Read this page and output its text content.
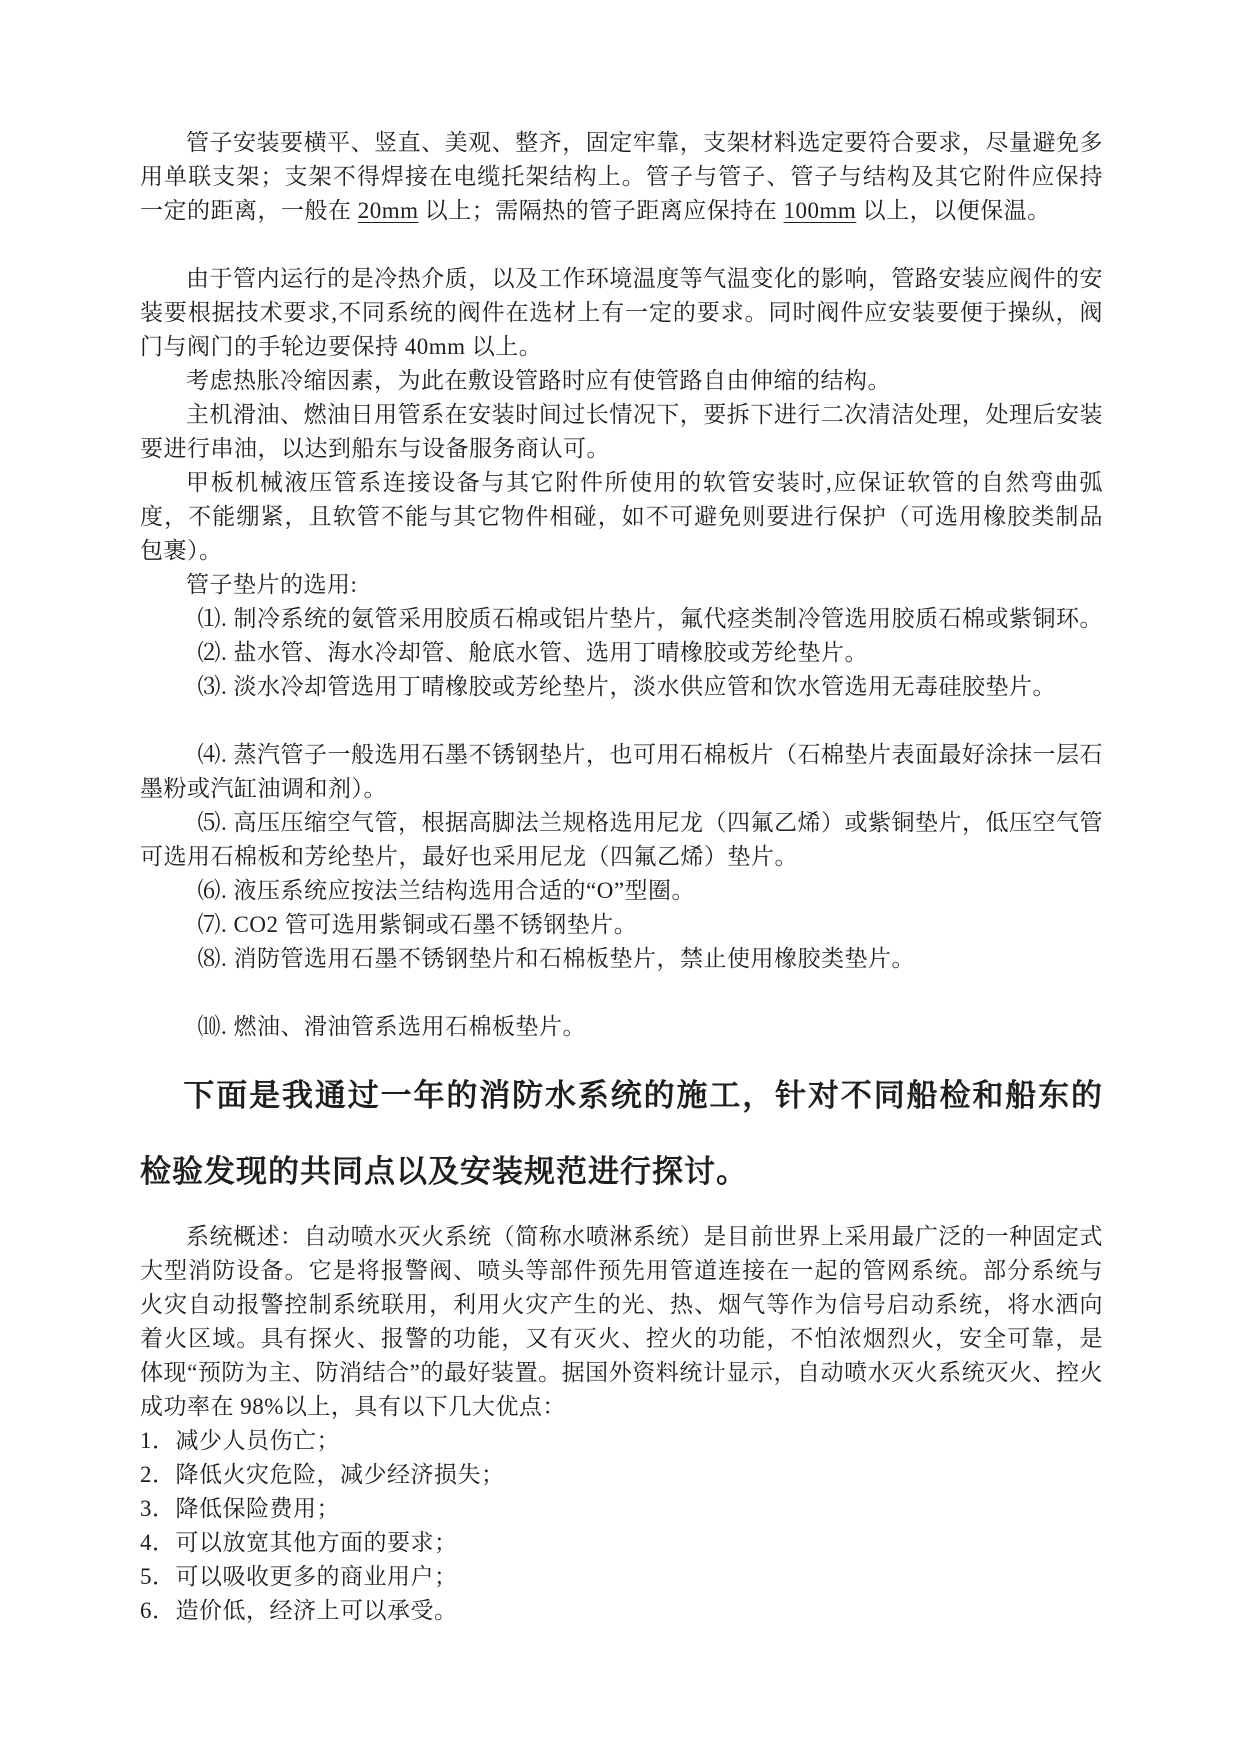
管子安装要横平、竖直、美观、整齐，固定牢靠，支架材料选定要符合要求，尽量避免多用单联支架；支架不得焊接在电缆托架结构上。管子与管子、管子与结构及其它附件应保持一定的距离，一般在 20mm 以上；需隔热的管子距离应保持在 100mm 以上，以便保温。

由于管内运行的是冷热介质，以及工作环境温度等气温变化的影响，管路安装应阀件的安装要根据技术要求,不同系统的阀件在选材上有一定的要求。同时阀件应安装要便于操纵，阀门与阀门的手轮边要保持 40mm 以上。

考虑热胀冷缩因素，为此在敷设管路时应有使管路自由伸缩的结构。

主机滑油、燃油日用管系在安装时间过长情况下，要拆下进行二次清洁处理，处理后安装要进行串油，以达到船东与设备服务商认可。

甲板机械液压管系连接设备与其它附件所使用的软管安装时,应保证软管的自然弯曲弧度，不能绷紧，且软管不能与其它物件相碰，如不可避免则要进行保护（可选用橡胶类制品包裹）。

管子垫片的选用:

⑴. 制冷系统的氨管采用胶质石棉或铝片垫片，氟代痉类制冷管选用胶质石棉或紫铜环。

⑵. 盐水管、海水冷却管、舱底水管、选用丁晴橡胶或芳纶垫片。

⑶. 淡水冷却管选用丁晴橡胶或芳纶垫片，淡水供应管和饮水管选用无毒硅胶垫片。

⑷. 蒸汽管子一般选用石墨不锈钢垫片，也可用石棉板片（石棉垫片表面最好涂抹一层石墨粉或汽缸油调和剂）。

⑸. 高压压缩空气管，根据高脚法兰规格选用尼龙（四氟乙烯）或紫铜垫片，低压空气管可选用石棉板和芳纶垫片，最好也采用尼龙（四氟乙烯）垫片。

⑹. 液压系统应按法兰结构选用合适的“O”型圈。

⑺. CO2 管可选用紫铜或石墨不锈钢垫片。

⑻. 消防管选用石墨不锈钢垫片和石棉板垫片，禁止使用橡胶类垫片。

⑽. 燃油、滑油管系选用石棉板垫片。

下面是我通过一年的消防水系统的施工，针对不同船检和船东的检验发现的共同点以及安装规范进行探讨。

系统概述：自动喷水灭火系统（简称水喷淋系统）是目前世界上采用最广泛的一种固定式大型消防设备。它是将报警阀、喷头等部件预先用管道连接在一起的管网系统。部分系统与火灾自动报警控制系统联用，利用火灾产生的光、热、烟气等作为信号启动系统，将水洒向着火区域。具有探火、报警的功能，又有灭火、控火的功能，不怕浓烟烈火，安全可靠，是体现“预防为主、防消结合”的最好装置。据国外资料统计显示，自动喷水灭火系统灭火、控火成功率在 98%以上，具有以下几大优点：

1．减少人员伤亡；

2．降低火灾危险，减少经济损失；

3．降低保险费用；

4．可以放宽其他方面的要求；

5．可以吸收更多的商业用户；

6．造价低，经济上可以承受。
